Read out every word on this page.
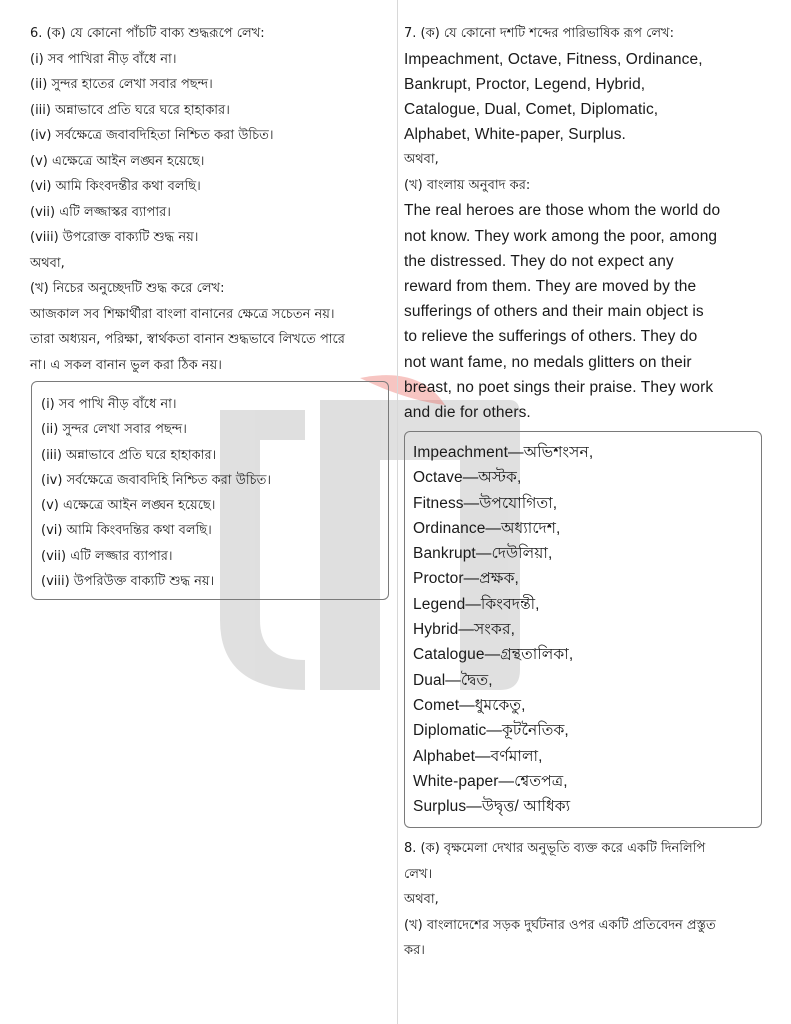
6. (ক) যে কোনো পাঁচটি বাক্য শুদ্ধরূপে লেখ:
(i) সব পাখিরা নীড় বাঁধে না।
(ii) সুন্দর হাতের লেখা সবার পছন্দ।
(iii) অন্নাভাবে প্রতি ঘরে ঘরে হাহাকার।
(iv) সর্বক্ষেত্রে জবাবদিহিতা নিশ্চিত করা উচিত।
(v) এক্ষেত্রে আইন লঙ্ঘন হয়েছে।
(vi) আমি কিংবদন্তীর কথা বলছি।
(vii) এটি লজ্জাস্কর ব্যাপার।
(viii) উপরোক্ত বাক্যটি শুদ্ধ নয়।
অথবা,
(খ) নিচের অনুচ্ছেদটি শুদ্ধ করে লেখ:
আজকাল সব শিক্ষার্থীরা বাংলা বানানের ক্ষেত্রে সচেতন নয়।
তারা অধ্যয়ন, পরিক্ষা, স্বার্থকতা বানান শুদ্ধভাবে লিখতে পারে
না। এ সকল বানান ভুল করা ঠিক নয়।
(i) সব পাখি নীড় বাঁধে না।
(ii) সুন্দর লেখা সবার পছন্দ।
(iii) অন্নাভাবে প্রতি ঘরে হাহাকার।
(iv) সর্বক্ষেত্রে জবাবদিহি নিশ্চিত করা উচিত।
(v) এক্ষেত্রে আইন লঙ্ঘন হয়েছে।
(vi) আমি কিংবদন্তির কথা বলছি।
(vii) এটি লজ্জার ব্যাপার।
(viii) উপরিউক্ত বাক্যটি শুদ্ধ নয়।
7. (ক) যে কোনো দশটি শব্দের পারিভাষিক রূপ লেখ:
Impeachment, Octave, Fitness, Ordinance,
Bankrupt, Proctor, Legend, Hybrid,
Catalogue, Dual, Comet, Diplomatic,
Alphabet, White-paper, Surplus.
অথবা,
(খ) বাংলায় অনুবাদ কর:
The real heroes are those whom the world do
not know. They work among the poor, among
the distressed. They do not expect any
reward from them. They are moved by the
sufferings of others and their main object is
to relieve the sufferings of others. They do
not want fame, no medals glitters on their
breast, no poet sings their praise. They work
and die for others.
Impeachment—অভিশংসন,
Octave—অস্টক,
Fitness—উপযোগিতা,
Ordinance—অধ্যাদেশ,
Bankrupt—দেউলিয়া,
Proctor—প্রক্ষক,
Legend—কিংবদন্তী,
Hybrid—সংকর,
Catalogue—গ্রন্থতালিকা,
Dual—দ্বৈত,
Comet—ধুমকেতু,
Diplomatic—কূটনৈতিক,
Alphabet—বর্ণমালা,
White-paper—শ্বেতপত্র,
Surplus—উদ্বৃত্ত/ আধিক্য
8. (ক) বৃক্ষমেলা দেখার অনুভূতি ব্যক্ত করে একটি দিনলিপি
লেখ।
অথবা,
(খ) বাংলাদেশের সড়ক দুর্ঘটনার ওপর একটি প্রতিবেদন প্রস্তুত
কর।
